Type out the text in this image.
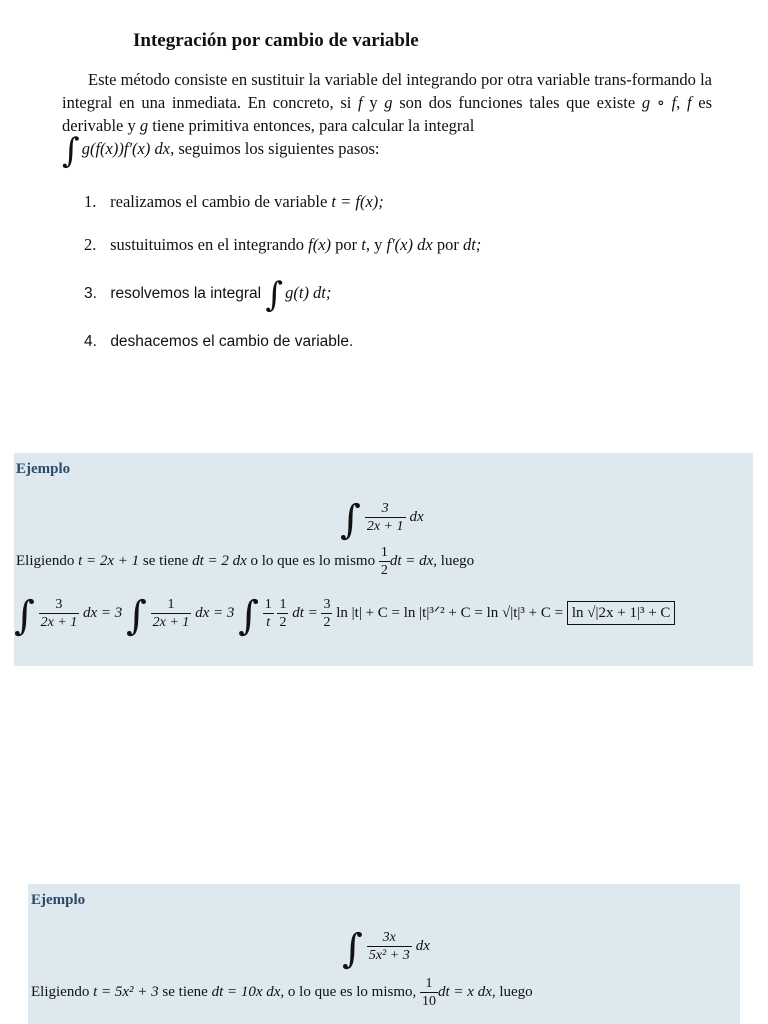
Integración por cambio de variable
Este método consiste en sustituir la variable del integrando por otra variable trans-formando la integral en una inmediata. En concreto, si f y g son dos funciones tales que existe g ∘ f, f es derivable y g tiene primitiva entonces, para calcular la integral
∫ g(f(x))f′(x) dx, seguimos los siguientes pasos:
1. realizamos el cambio de variable t = f(x);
2. sustuituimos en el integrando f(x) por t, y f′(x) dx por dt;
3. resolvemos la integral ∫ g(t) dt;
4. deshacemos el cambio de variable.
Ejemplo
∫ $\frac{3}{2x + 1}$ dx
Eligiendo t = 2x + 1 se tiene dt = 2 dx o lo que es lo mismo $\frac{1}{2}$ dt = dx, luego
∫ $\frac{3}{2x + 1}$ dx = 3 ∫ $\frac{1}{2x + 1}$ dx = 3 ∫ $\frac{1}{t}$
$\frac{1}{2}$ dt = $\frac{3}{2}$ ln |t| + C = ln |t|³ᐟ² + C = ln √|t|³ + C = ln √|2x + 1|³ + C
Ejemplo
∫ $\frac{3x}{\text{5x² + 3}}$ dx
Eligiendo t = 5x² + 3 se tiene dt = 10x dx, o lo que es lo mismo, $\frac{1}{10}$ dt = x dx, luego
